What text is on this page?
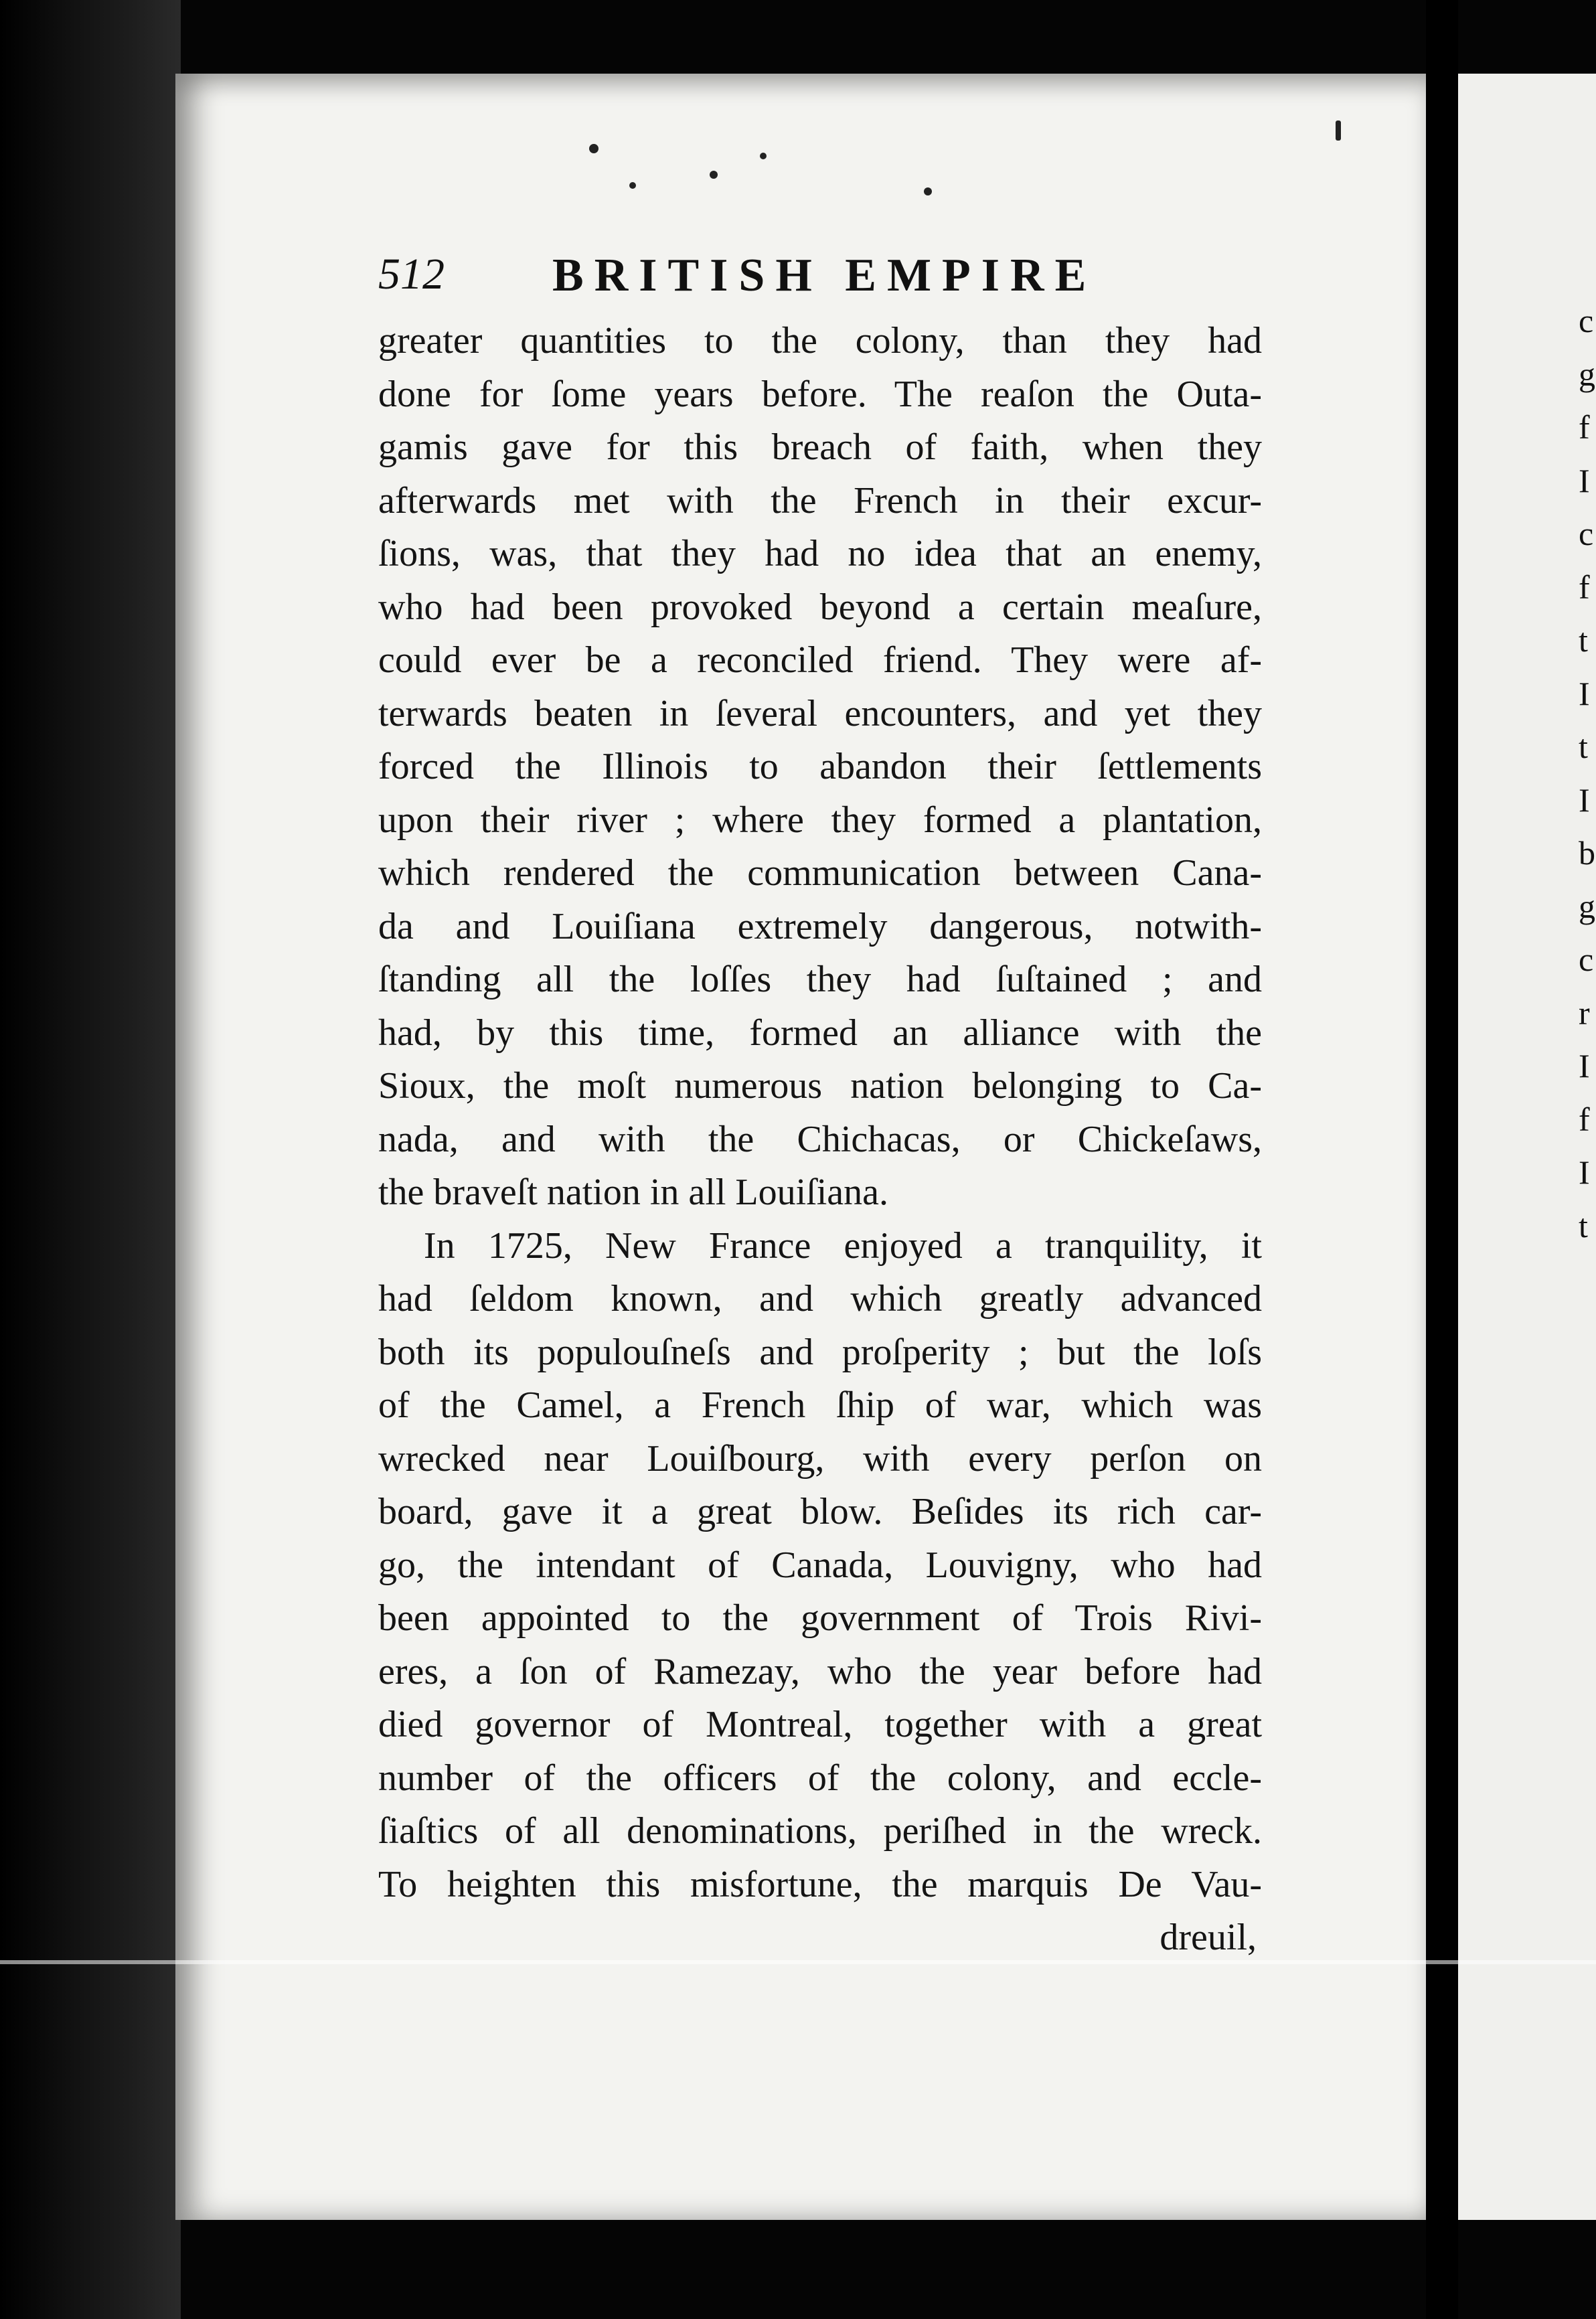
512 BRITISH EMPIRE
greater quantities to the colony, than they had
done for ſome years before. The reaſon the Outa-
gamis gave for this breach of faith, when they
afterwards met with the French in their excur-
ſions, was, that they had no idea that an enemy,
who had been provoked beyond a certain meaſure,
could ever be a reconciled friend. They were af-
terwards beaten in ſeveral encounters, and yet they
forced the Illinois to abandon their ſettlements
upon their river ; where they formed a plantation,
which rendered the communication between Cana-
da and Louiſiana extremely dangerous, notwith-
ſtanding all the loſſes they had ſuſtained ; and
had, by this time, formed an alliance with the
Sioux, the moſt numerous nation belonging to Ca-
nada, and with the Chichacas, or Chickeſaws,
the braveſt nation in all Louiſiana.
In 1725, New France enjoyed a tranquility, it
had ſeldom known, and which greatly advanced
both its populouſneſs and proſperity ; but the loſs
of the Camel, a French ſhip of war, which was
wrecked near Louiſbourg, with every perſon on
board, gave it a great blow. Beſides its rich car-
go, the intendant of Canada, Louvigny, who had
been appointed to the government of Trois Rivi-
eres, a ſon of Ramezay, who the year before had
died governor of Montreal, together with a great
number of the officers of the colony, and eccle-
ſiaſtics of all denominations, periſhed in the wreck.
To heighten this misfortune, the marquis De Vau-
dreuil,
c
g
f
I
c
f
t
I
t
I
b
g
c
r
I
f
I
t
